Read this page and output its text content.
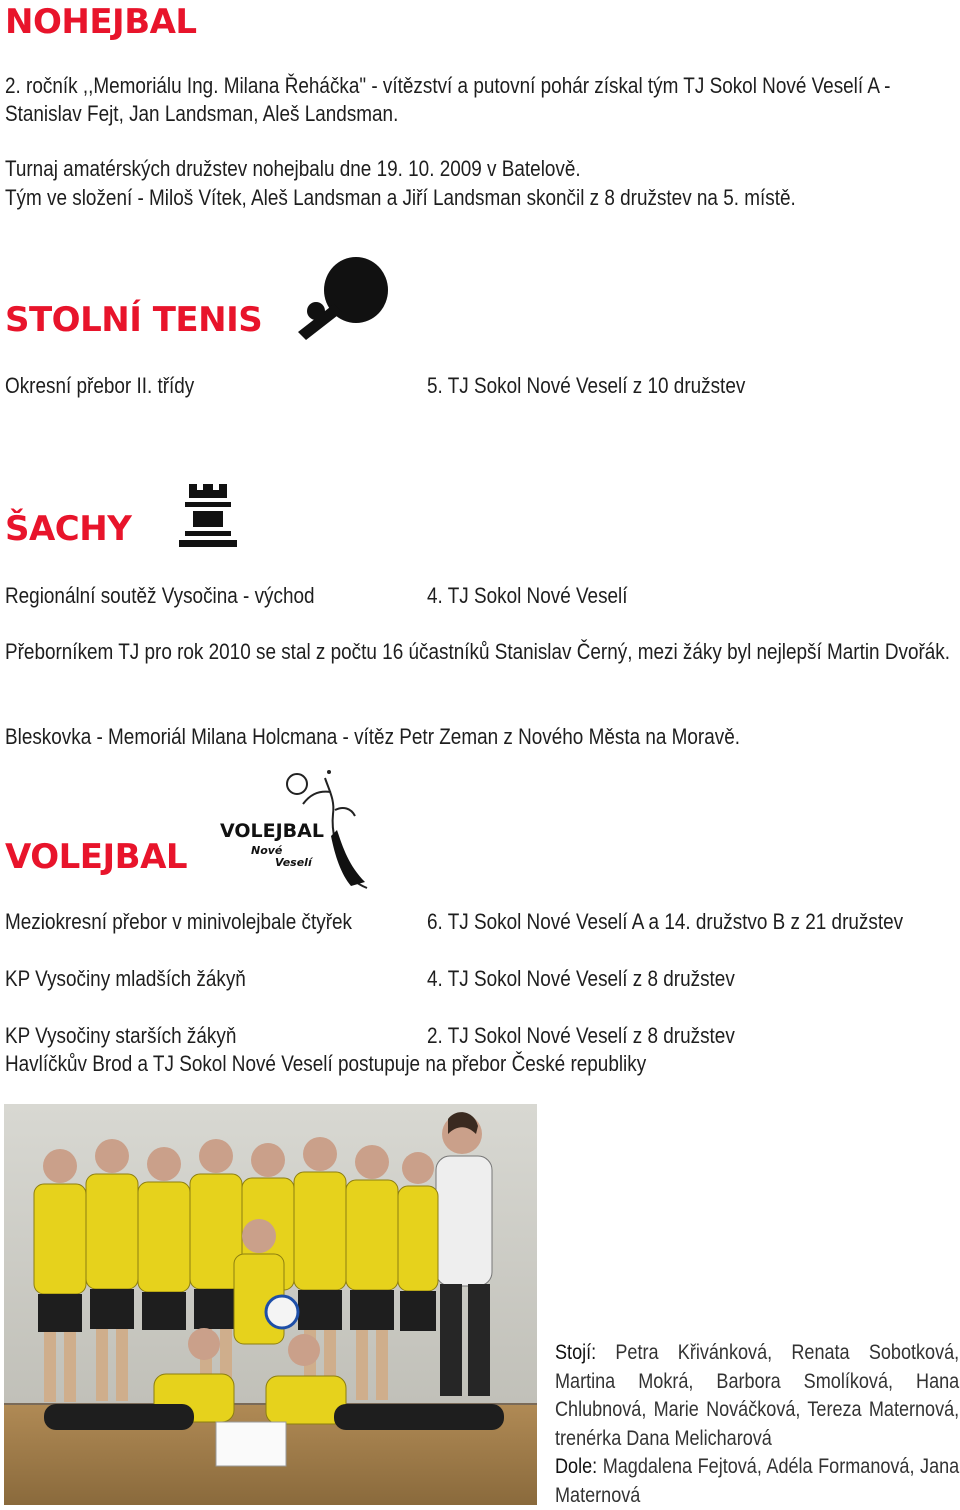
NOHEJBAL
2. ročník ,,Memoriálu Ing. Milana Řeháčka" - vítězství a putovní pohár získal tým TJ Sokol Nové Veselí A -
Stanislav Fejt, Jan Landsman, Aleš Landsman.
Turnaj amatérských družstev nohejbalu dne 19. 10. 2009 v Batelově.
Tým ve složení - Miloš Vítek, Aleš Landsman a Jiří Landsman skončil z 8 družstev na 5. místě.
STOLNÍ TENIS
Okresní přebor II. třídy	5. TJ Sokol Nové Veselí z 10 družstev
ŠACHY
Regionální soutěž Vysočina - východ	4. TJ Sokol Nové Veselí
Přeborníkem TJ pro rok 2010 se stal z počtu 16 účastníků Stanislav Černý, mezi žáky byl nejlepší Martin Dvořák.
Bleskovka - Memoriál Milana Holcmana - vítěz Petr Zeman z Nového Města na Moravě.
VOLEJBAL
VOLEJBAL
Nové
Veselí
Meziokresní přebor v minivolejbale čtyřek	6. TJ Sokol Nové Veselí A a 14. družstvo B z 21 družstev
KP Vysočiny mladších žákyň	4. TJ Sokol Nové Veselí z 8 družstev
KP Vysočiny starších žákyň	2. TJ Sokol Nové Veselí z 8 družstev
Havlíčkův Brod a TJ Sokol Nové Veselí postupuje na přebor České republiky
Stojí: Petra Křivánková, Renata Sobotková, Martina Mokrá, Barbora Smolíková, Hana Chlubnová, Marie Nováčková, Tereza Maternová, trenérka Dana Melicharová
Dole: Magdalena Fejtová, Adéla Formanová, Jana Maternová
